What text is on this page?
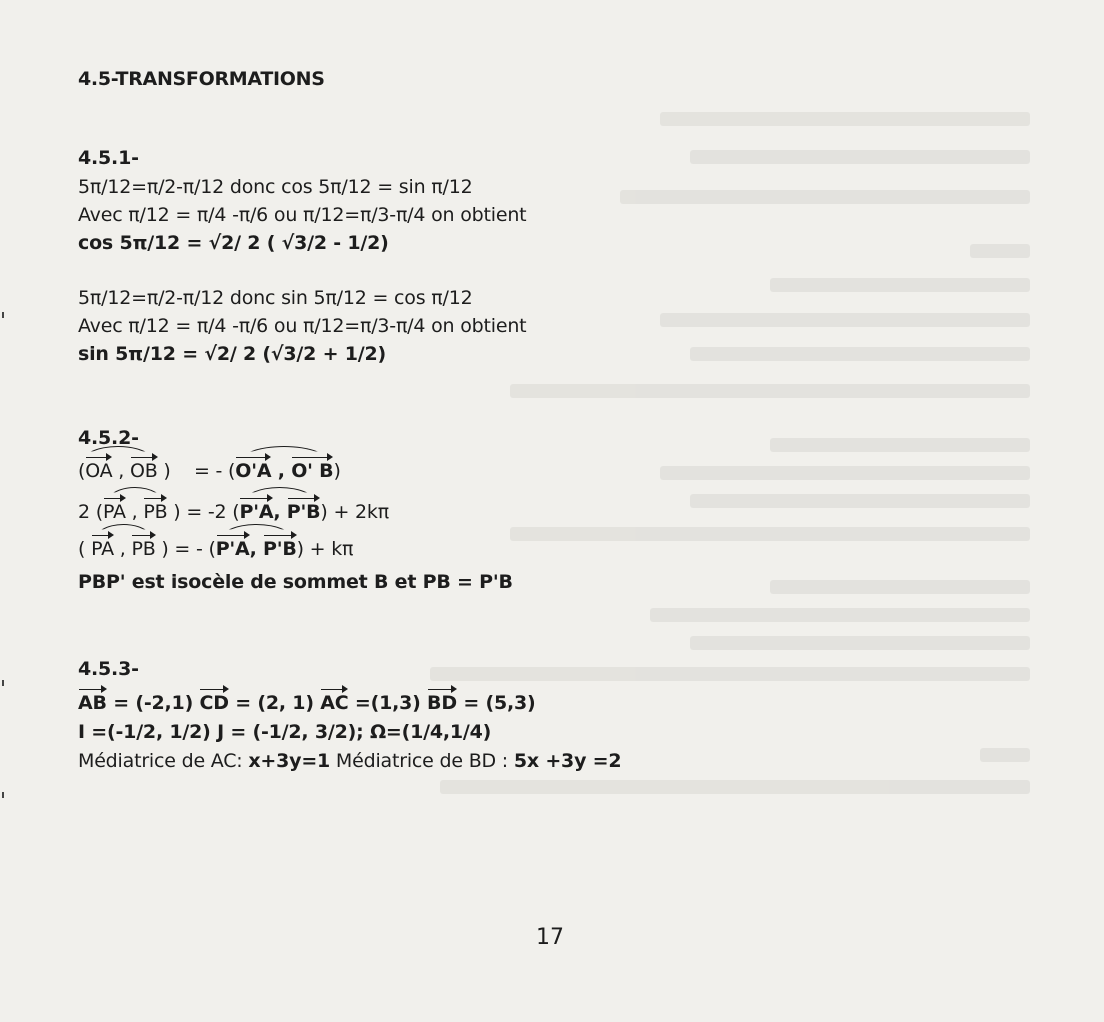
4.5-TRANSFORMATIONS
4.5.1-
5π/12=π/2-π/12 donc cos 5π/12 = sin π/12
Avec π/12 = π/4 -π/6 ou π/12=π/3-π/4 on obtient
cos 5π/12 = √2/ 2 ( √3/2 - 1/2)
5π/12=π/2-π/12 donc sin 5π/12 = cos π/12
Avec π/12 = π/4 -π/6 ou π/12=π/3-π/4 on obtient
sin 5π/12 = √2/ 2 (√3/2 + 1/2)
4.5.2-
(OA , OB ) = - (O'A , O' B)
2 (PA , PB ) = -2 (P'A, P'B) + 2kπ
( PA , PB ) = - (P'A, P'B) + kπ
PBP' est isocèle de sommet B et PB = P'B
4.5.3-
AB = (-2,1) CD = (2, 1) AC =(1,3) BD = (5,3)
I =(-1/2, 1/2) J = (-1/2, 3/2); Ω=(1/4,1/4)
Médiatrice de AC: x+3y=1 Médiatrice de BD : 5x +3y =2
17
